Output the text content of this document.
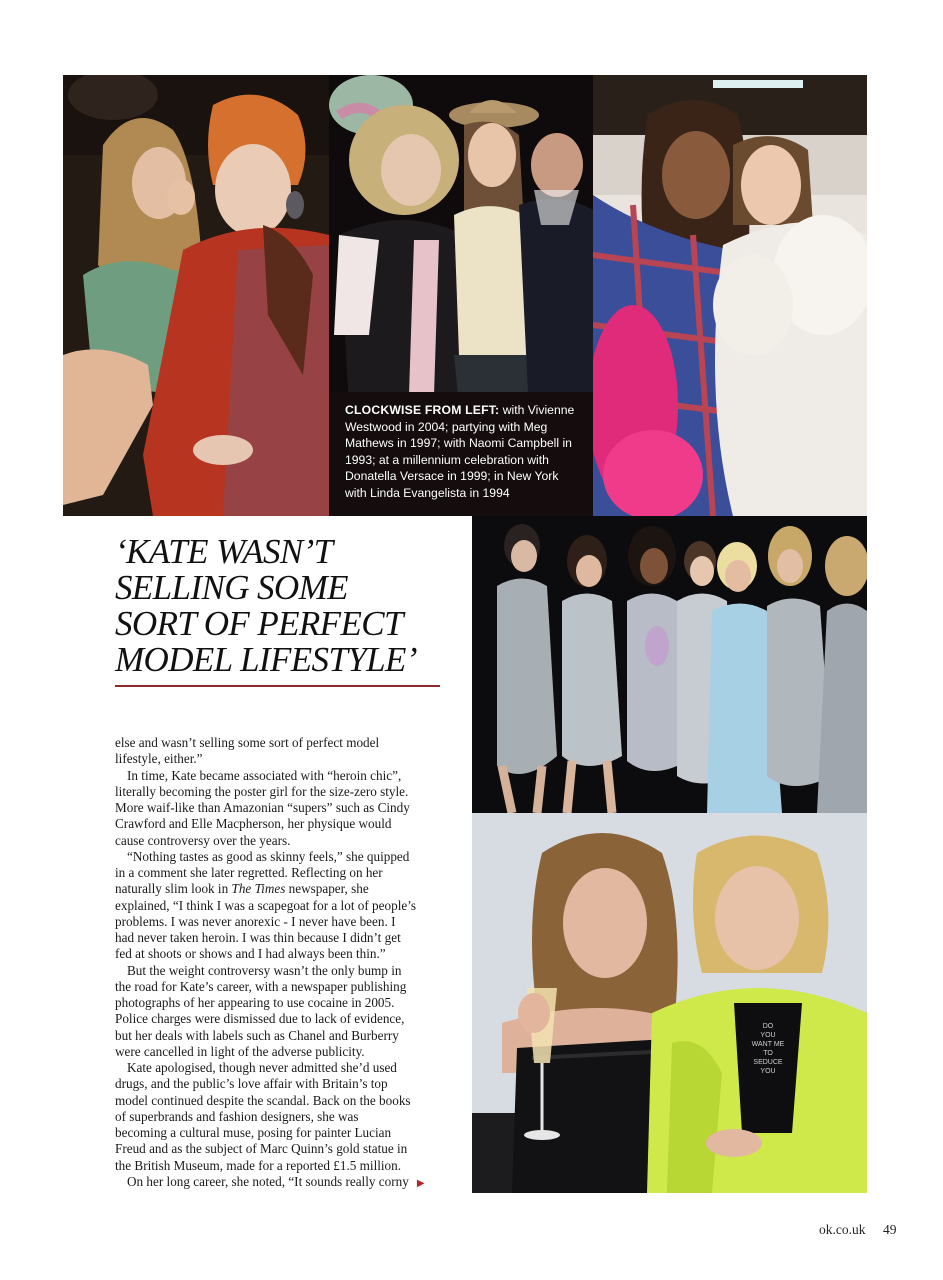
CLOCKWISE FROM LEFT: with Vivienne
Westwood in 2004; partying with Meg
Mathews in 1997; with Naomi Campbell in
1993; at a millennium celebration with
Donatella Versace in 1999; in New York
with Linda Evangelista in 1994
DO
YOU
WANT ME
TO
SEDUCE
YOU
‘KATE WASN’T
SELLING SOME
SORT OF PERFECT
MODEL LIFESTYLE’
else and wasn’t selling some sort of perfect model
lifestyle, either.”
In time, Kate became associated with “heroin chic”,
literally becoming the poster girl for the size-zero style.
More waif-like than Amazonian “supers” such as Cindy
Crawford and Elle Macpherson, her physique would
cause controversy over the years.
“Nothing tastes as good as skinny feels,” she quipped
in a comment she later regretted. Reflecting on her
naturally slim look in The Times newspaper, she
explained, “I think I was a scapegoat for a lot of people’s
problems. I was never anorexic - I never have been. I
had never taken heroin. I was thin because I didn’t get
fed at shoots or shows and I had always been thin.”
But the weight controversy wasn’t the only bump in
the road for Kate’s career, with a newspaper publishing
photographs of her appearing to use cocaine in 2005.
Police charges were dismissed due to lack of evidence,
but her deals with labels such as Chanel and Burberry
were cancelled in light of the adverse publicity.
Kate apologised, though never admitted she’d used
drugs, and the public’s love affair with Britain’s top
model continued despite the scandal. Back on the books
of superbrands and fashion designers, she was
becoming a cultural muse, posing for painter Lucian
Freud and as the subject of Marc Quinn’s gold statue in
the British Museum, made for a reported £1.5 million.
On her long career, she noted, “It sounds really corny ▶
ok.co.uk 49
